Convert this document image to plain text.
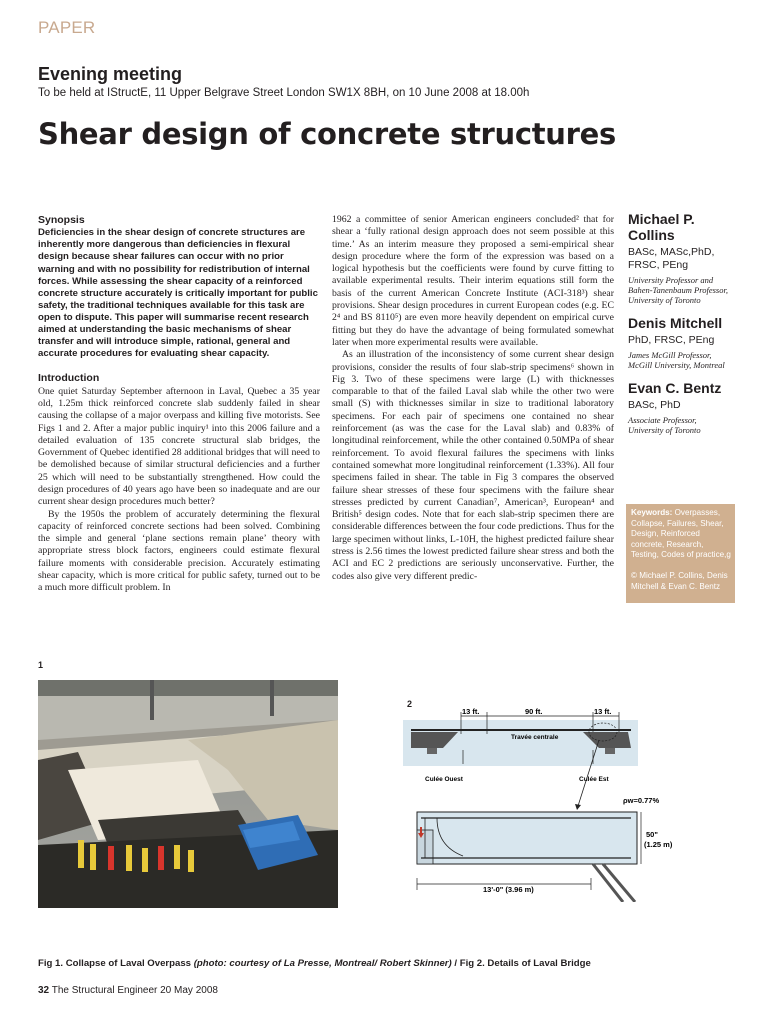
PAPER
Evening meeting
To be held at IStructE, 11 Upper Belgrave Street London SW1X 8BH, on 10 June 2008 at 18.00h
Shear design of concrete structures
Synopsis
Deficiencies in the shear design of concrete structures are inherently more dangerous than deficiencies in flexural design because shear failures can occur with no prior warning and with no possibility for redistribution of internal forces. While assessing the shear capacity of a reinforced concrete structure accurately is critically important for public safety, the traditional techniques available for this task are open to dispute. This paper will summarise recent research aimed at understanding the basic mechanisms of shear transfer and will introduce simple, rational, general and accurate procedures for evaluating shear capacity.
Introduction

One quiet Saturday September afternoon in Laval, Quebec a 35 year old, 1.25m thick reinforced concrete slab suddenly failed in shear causing the collapse of a major overpass and killing five motorists. See Figs 1 and 2. After a major public inquiry¹ into this 2006 failure and a detailed evaluation of 135 concrete structural slab bridges, the Government of Quebec identified 28 additional bridges that will need to be demolished because of similar structural deficiencies and a further 25 which will need to be substantially strengthened. How could the design procedures of 40 years ago have been so inadequate and are our current shear design procedures much better?

By the 1950s the problem of accurately determining the flexural capacity of reinforced concrete sections had been solved. Combining the simple and general ‘plane sections remain plane’ theory with appropriate stress block factors, engineers could estimate flexural failure moments with considerable precision. Accurately estimating shear capacity, which is more critical for public safety, turned out to be a much more difficult problem. In

1962 a committee of senior American engineers concluded² that for shear a ‘fully rational design approach does not seem possible at this time.’ As an interim measure they proposed a semi-empirical shear design procedure where the form of the expression was based on a logical hypothesis but the coefficients were found by curve fitting to available experimental results. Their interim equations still form the basis of the current American Concrete Institute (ACI-318³) shear provisions. Shear design procedures in current European codes (e.g. EC 2⁴ and BS 8110⁵) are even more heavily dependent on empirical curve fitting but they do have the advantage of being formulated somewhat later when more experimental results were available.

As an illustration of the inconsistency of some current shear design provisions, consider the results of four slab-strip specimens⁶ shown in Fig 3. Two of these specimens were large (L) with thicknesses comparable to that of the failed Laval slab while the other two were small (S) with thicknesses similar in size to traditional laboratory specimens. For each pair of specimens one contained no shear reinforcement (as was the case for the Laval slab) and 0.83% of longitudinal reinforcement, while the other contained 0.50MPa of shear reinforcement. To avoid flexural failures the specimens with links contained somewhat more longitudinal reinforcement (1.33%). All four specimens failed in shear. The table in Fig 3 compares the observed failure shear stresses of these four specimens with the failure shear stresses predicted by current Canadian⁷, American³, European⁴ and British⁵ design codes. Note that for each slab-strip specimen there are considerable differences between the four code predictions. Thus for the large specimen without links, L-10H, the highest predicted failure shear stress is 2.56 times the lowest predicted failure shear stress and both the ACI and EC 2 predictions are seriously unconservative. Further, the codes also give very different predic-

Michael P. Collins
BASc, MASc,PhD, FRSC, PEng
University Professor and Bahen-Tanenbaum Professor, University of Toronto
Denis Mitchell
PhD, FRSC, PEng
James McGill Professor, McGill University, Montreal
Evan C. Bentz
BASc, PhD
Associate Professor, University of Toronto
Keywords: Overpasses, Collapse, Failures, Shear, Design, Reinforced concrete, Research, Testing, Codes of practice,g
© Michael P. Collins, Denis Mitchell & Evan C. Bentz
1
2
13 ft.	90 ft.	13 ft.
Travée centrale
Culée Ouest	Culée Est
ρw=0.77%
50"
(1.25 m)
13'-0" (3.96 m)
Fig 1. Collapse of Laval Overpass (photo: courtesy of La Presse, Montreal/ Robert Skinner) / Fig 2. Details of Laval Bridge
32 The Structural Engineer 20 May 2008
